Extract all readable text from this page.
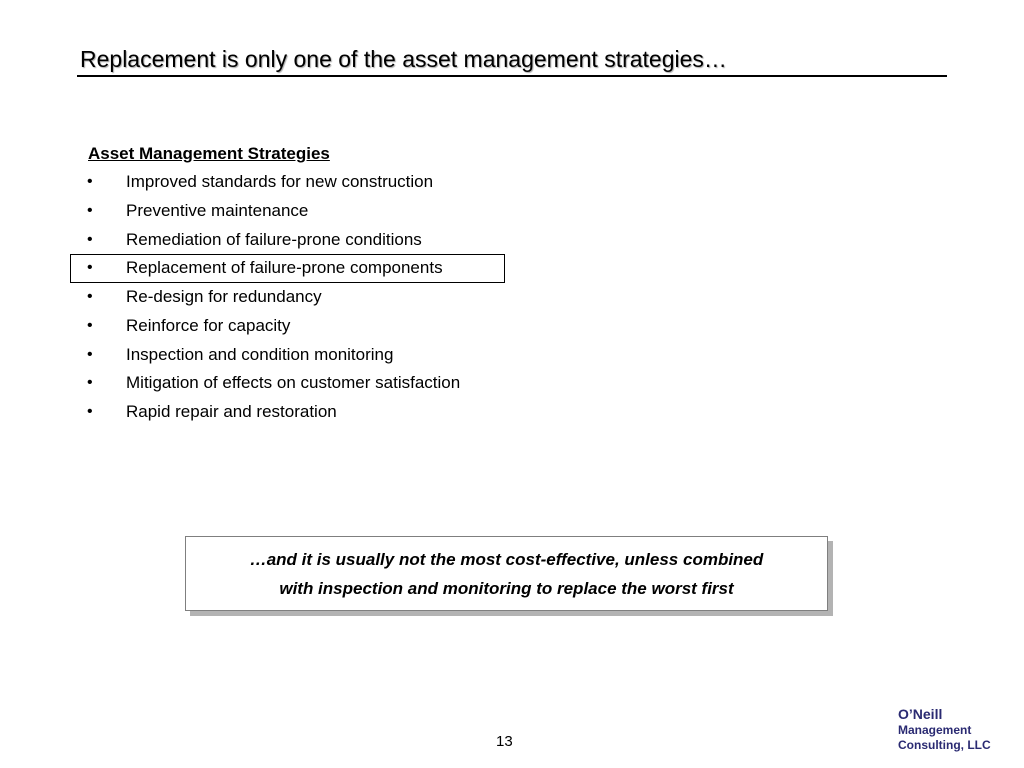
Replacement is only one of the asset management strategies…
Asset Management Strategies
• Improved standards for new construction
• Preventive maintenance
• Remediation of failure-prone conditions
• Replacement of failure-prone components
• Re-design for redundancy
• Reinforce for capacity
• Inspection and condition monitoring
• Mitigation of effects on customer satisfaction
• Rapid repair and restoration
…and it is usually not the most cost-effective, unless combined
with inspection and monitoring to replace the worst first
13
O’Neill
Management
Consulting, LLC
